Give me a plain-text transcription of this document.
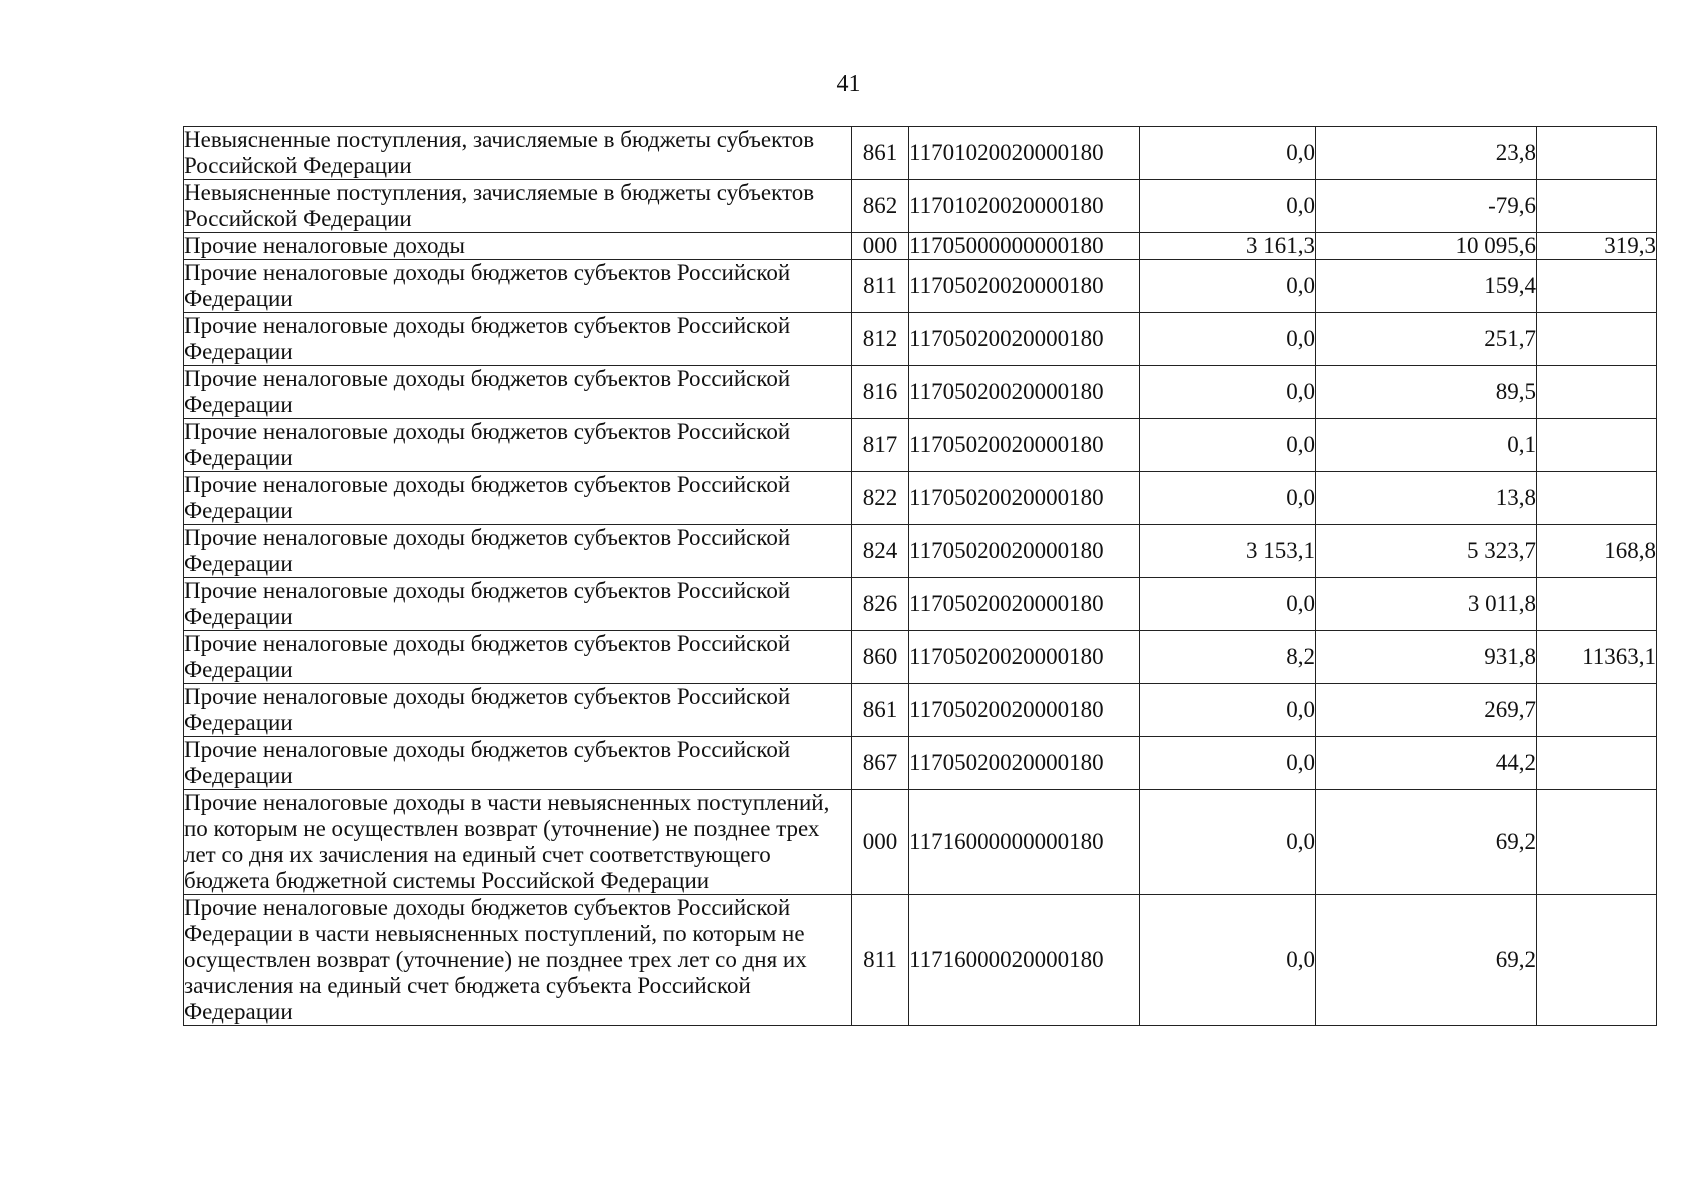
41
Невыясненные поступления, зачисляемые в бюджеты субъектов Российской Федерации	861	11701020020000180	0,0	23,8	
Невыясненные поступления, зачисляемые в бюджеты субъектов Российской Федерации	862	11701020020000180	0,0	-79,6	
Прочие неналоговые доходы	000	11705000000000180	3 161,3	10 095,6	319,3
Прочие неналоговые доходы бюджетов субъектов Российской Федерации	811	11705020020000180	0,0	159,4	
Прочие неналоговые доходы бюджетов субъектов Российской Федерации	812	11705020020000180	0,0	251,7	
Прочие неналоговые доходы бюджетов субъектов Российской Федерации	816	11705020020000180	0,0	89,5	
Прочие неналоговые доходы бюджетов субъектов Российской Федерации	817	11705020020000180	0,0	0,1	
Прочие неналоговые доходы бюджетов субъектов Российской Федерации	822	11705020020000180	0,0	13,8	
Прочие неналоговые доходы бюджетов субъектов Российской Федерации	824	11705020020000180	3 153,1	5 323,7	168,8
Прочие неналоговые доходы бюджетов субъектов Российской Федерации	826	11705020020000180	0,0	3 011,8	
Прочие неналоговые доходы бюджетов субъектов Российской Федерации	860	11705020020000180	8,2	931,8	11363,1
Прочие неналоговые доходы бюджетов субъектов Российской Федерации	861	11705020020000180	0,0	269,7	
Прочие неналоговые доходы бюджетов субъектов Российской Федерации	867	11705020020000180	0,0	44,2	
Прочие неналоговые доходы в части невыясненных поступлений, по которым не осуществлен возврат (уточнение) не позднее трех лет со дня их зачисления на единый счет соответствующего бюджета бюджетной системы Российской Федерации	000	11716000000000180	0,0	69,2	
Прочие неналоговые доходы бюджетов субъектов Российской Федерации в части невыясненных поступлений, по которым не осуществлен возврат (уточнение) не позднее трех лет со дня их зачисления на единый счет бюджета субъекта Российской Федерации	811	11716000020000180	0,0	69,2	
